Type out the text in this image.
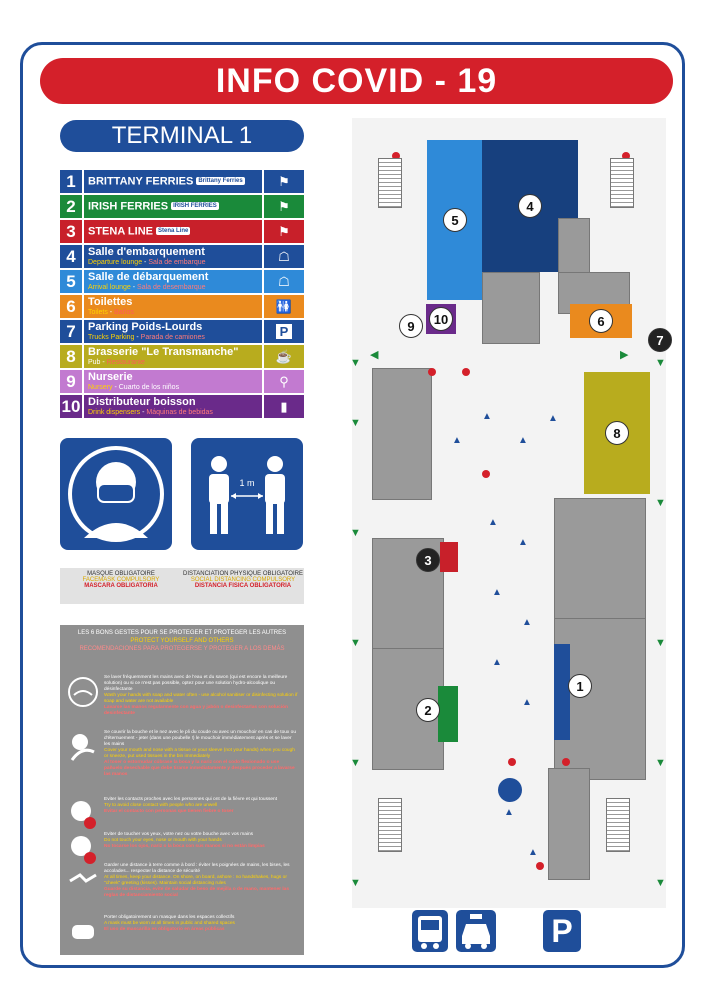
INFO COVID - 19
TERMINAL 1
1	BRITTANY FERRIES Brittany Ferries	⚑
2	IRISH FERRIES IRISH FERRIES	⚑
3	STENA LINE Stena Line	⚑
4	Salle d'embarquement
Departure lounge - Sala de embarque	☖
5	Salle de débarquement
Arrival lounge - Sala de desembarque	☖
6	Toilettes
Toilets - Baños	🚻
7	Parking Poids-Lourds
Trucks Parking - Parada de camiones	P
8	Brasserie "Le Transmanche"
Pub - Restaurante	☕
9	Nurserie
Nursery - Cuarto de los niños	⚲
10 Distributeur boisson
Drink dispensers - Máquinas de bebidas	▮
1 m
MASQUE OBLIGATOIRE
FACEMASK COMPULSORY
MASCARA OBLIGATORIA
DISTANCIATION PHYSIQUE OBLIGATOIRE
SOCIAL DISTANCING COMPULSORY
DISTANCIA FISICA OBLIGATORIA
LES 6 BONS GESTES POUR SE PROTEGER ET PROTEGER LES AUTRES
PROTECT YOURSELF AND OTHERS
RECOMENDACIONES PARA PROTEGERSE Y PROTEGER A LOS DEMÁS
Se laver fréquemment les mains avec de l'eau et du savon (qui est encore la meilleure solution) ou si ce n'est pas possible, optez pour une solution hydro-alcoolique ou désinfectante
Wash your hands with soap and water often - use alcohol sanitiser or disinfecting solution if soap and water are not available
Lavarse las manos regularmente con agua y jabón o desinfectarlas con solución desinfectante
Se couvrir la bouche et le nez avec le pli du coude ou avec un mouchoir en cas de toux ou d'éternuement - jeter (dans une poubelle !) le mouchoir immédiatement après et se laver les mains
Cover your mouth and nose with a tissue or your sleeve (not your hands) when you cough or sneeze, put used tissues in the bin immediately
Al toser o estornudar cúbrase la boca y la nariz con el codo flexionado o use pañuelo desechable que debe tirarse inmediatamente y después proceder a lavarse las manos
Eviter les contacts proches avec les personnes qui ont de la fièvre et qui toussent
Try to avoid close contact with people who are unwell
Evitar el contacto con personas que tienen fiebre o toser
Eviter de toucher vos yeux, votre nez ou votre bouche avec vos mains
Do not touch your eyes, nose or mouth with your hands
No tocarse los ojos, nariz o la boca con sus manos si no están limpias
Garder une distance à terre comme à bord : éviter les poignées de mains, les bises, les accolades... respecter la distance de sécurité
At all times, keep your distance. On shore, on board, ashore : no handshakes, hugs or "cheek" greeting (kisses). Maintain social distancing rules
Guarde su distancia, evite de saludar de beso de mejilla o de mano, mantener las reglas de distanciamiento social
Porter obligatoirement un masque dans les espaces collectifs
A mask must be worn at all times in public and shared spaces
El uso de mascarilla es obligatorio en áreas públicas
5
4
6
9	10
7
8
3
2
1
▲
▲
▲
▲
▲
▲
▲
▲
▲
▲
▲
▲
◀	▶
▼
▼
▼
▼
▼
▼
▼
▼
▼
▼
▼
P
